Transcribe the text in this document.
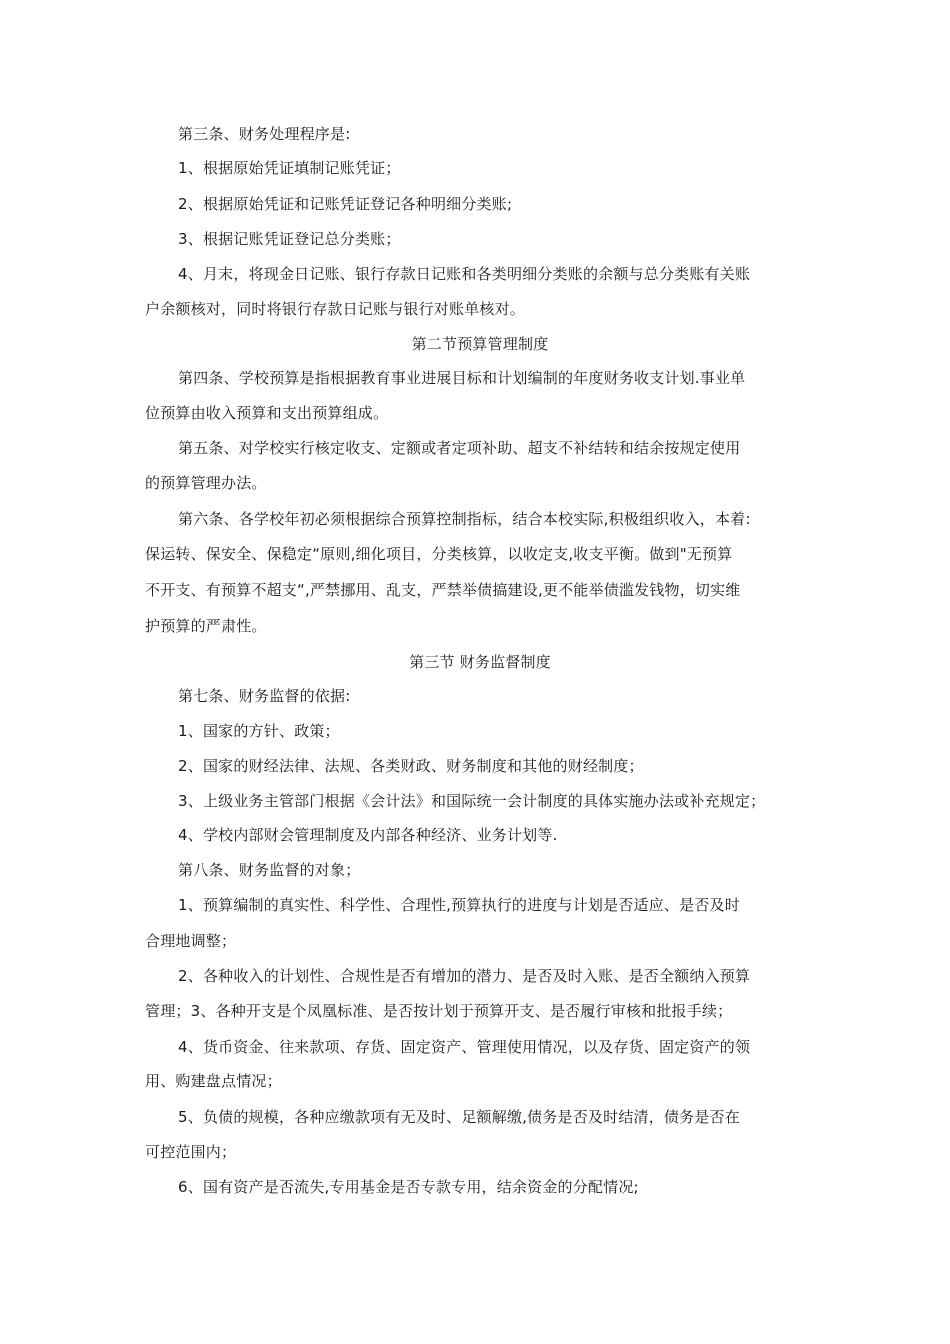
第三条、财务处理程序是:
1、根据原始凭证填制记账凭证；
2、根据原始凭证和记账凭证登记各种明细分类账;
3、根据记账凭证登记总分类账；
4、月末，将现金日记账、银行存款日记账和各类明细分类账的余额与总分类账有关账
户余额核对，同时将银行存款日记账与银行对账单核对。
第二节预算管理制度
第四条、学校预算是指根据教育事业进展目标和计划编制的年度财务收支计划.事业单
位预算由收入预算和支出预算组成。
第五条、对学校实行核定收支、定额或者定项补助、超支不补结转和结余按规定使用
的预算管理办法。
第六条、各学校年初必须根据综合预算控制指标，结合本校实际,积极组织收入，本着:
保运转、保安全、保稳定“原则,细化项目，分类核算，以收定支,收支平衡。做到"无预算
不开支、有预算不超支“,严禁挪用、乱支，严禁举债搞建设,更不能举债滥发钱物，切实维
护预算的严肃性。
第三节 财务监督制度
第七条、财务监督的依据:
1、国家的方针、政策；
2、国家的财经法律、法规、各类财政、财务制度和其他的财经制度；
3、上级业务主管部门根据《会计法》和国际统一会计制度的具体实施办法或补充规定；
4、学校内部财会管理制度及内部各种经济、业务计划等.
第八条、财务监督的对象；
1、预算编制的真实性、科学性、合理性,预算执行的进度与计划是否适应、是否及时
合理地调整；
2、各种收入的计划性、合规性是否有增加的潜力、是否及时入账、是否全额纳入预算
管理；3、各种开支是个凤凰标准、是否按计划于预算开支、是否履行审核和批报手续；
4、货币资金、往来款项、存货、固定资产、管理使用情况，以及存货、固定资产的领
用、购建盘点情况；
5、负债的规模，各种应缴款项有无及时、足额解缴,债务是否及时结清，债务是否在
可控范围内；
6、国有资产是否流失,专用基金是否专款专用，结余资金的分配情况;
